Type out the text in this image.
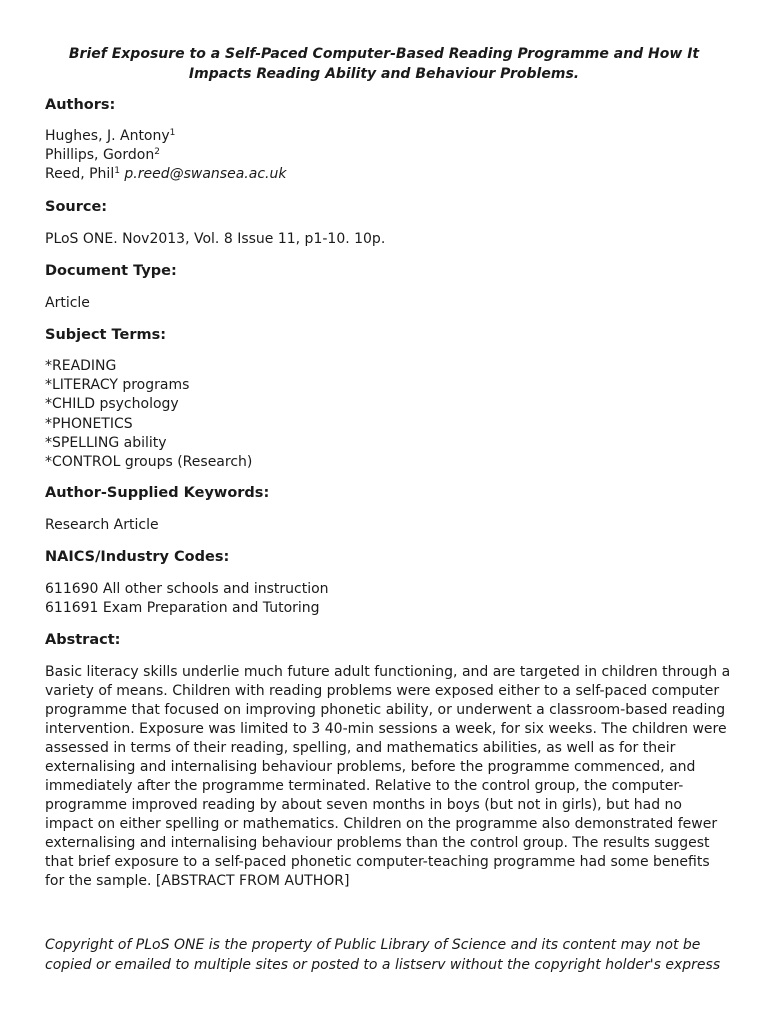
Brief Exposure to a Self-Paced Computer-Based Reading Programme and How It
Impacts Reading Ability and Behaviour Problems.
Authors:
Hughes, J. Antony$^1$
Phillips, Gordon$^2$
Reed, Phil$^1$ p.reed@swansea.ac.uk
Source:
PLoS ONE. Nov2013, Vol. 8 Issue 11, p1-10. 10p.
Document Type:
Article
Subject Terms:
*READING
*LITERACY programs
*CHILD psychology
*PHONETICS
*SPELLING ability
*CONTROL groups (Research)
Author-Supplied Keywords:
Research Article
NAICS/Industry Codes:
611690 All other schools and instruction
611691 Exam Preparation and Tutoring
Abstract:
Basic literacy skills underlie much future adult functioning, and are targeted in children through a
variety of means. Children with reading problems were exposed either to a self-paced computer
programme that focused on improving phonetic ability, or underwent a classroom-based reading
intervention. Exposure was limited to 3 40-min sessions a week, for six weeks. The children were
assessed in terms of their reading, spelling, and mathematics abilities, as well as for their
externalising and internalising behaviour problems, before the programme commenced, and
immediately after the programme terminated. Relative to the control group, the computer-
programme improved reading by about seven months in boys (but not in girls), but had no
impact on either spelling or mathematics. Children on the programme also demonstrated fewer
externalising and internalising behaviour problems than the control group. The results suggest
that brief exposure to a self-paced phonetic computer-teaching programme had some benefits
for the sample. [ABSTRACT FROM AUTHOR]
Copyright of PLoS ONE is the property of Public Library of Science and its content may not be
copied or emailed to multiple sites or posted to a listserv without the copyright holder's express
